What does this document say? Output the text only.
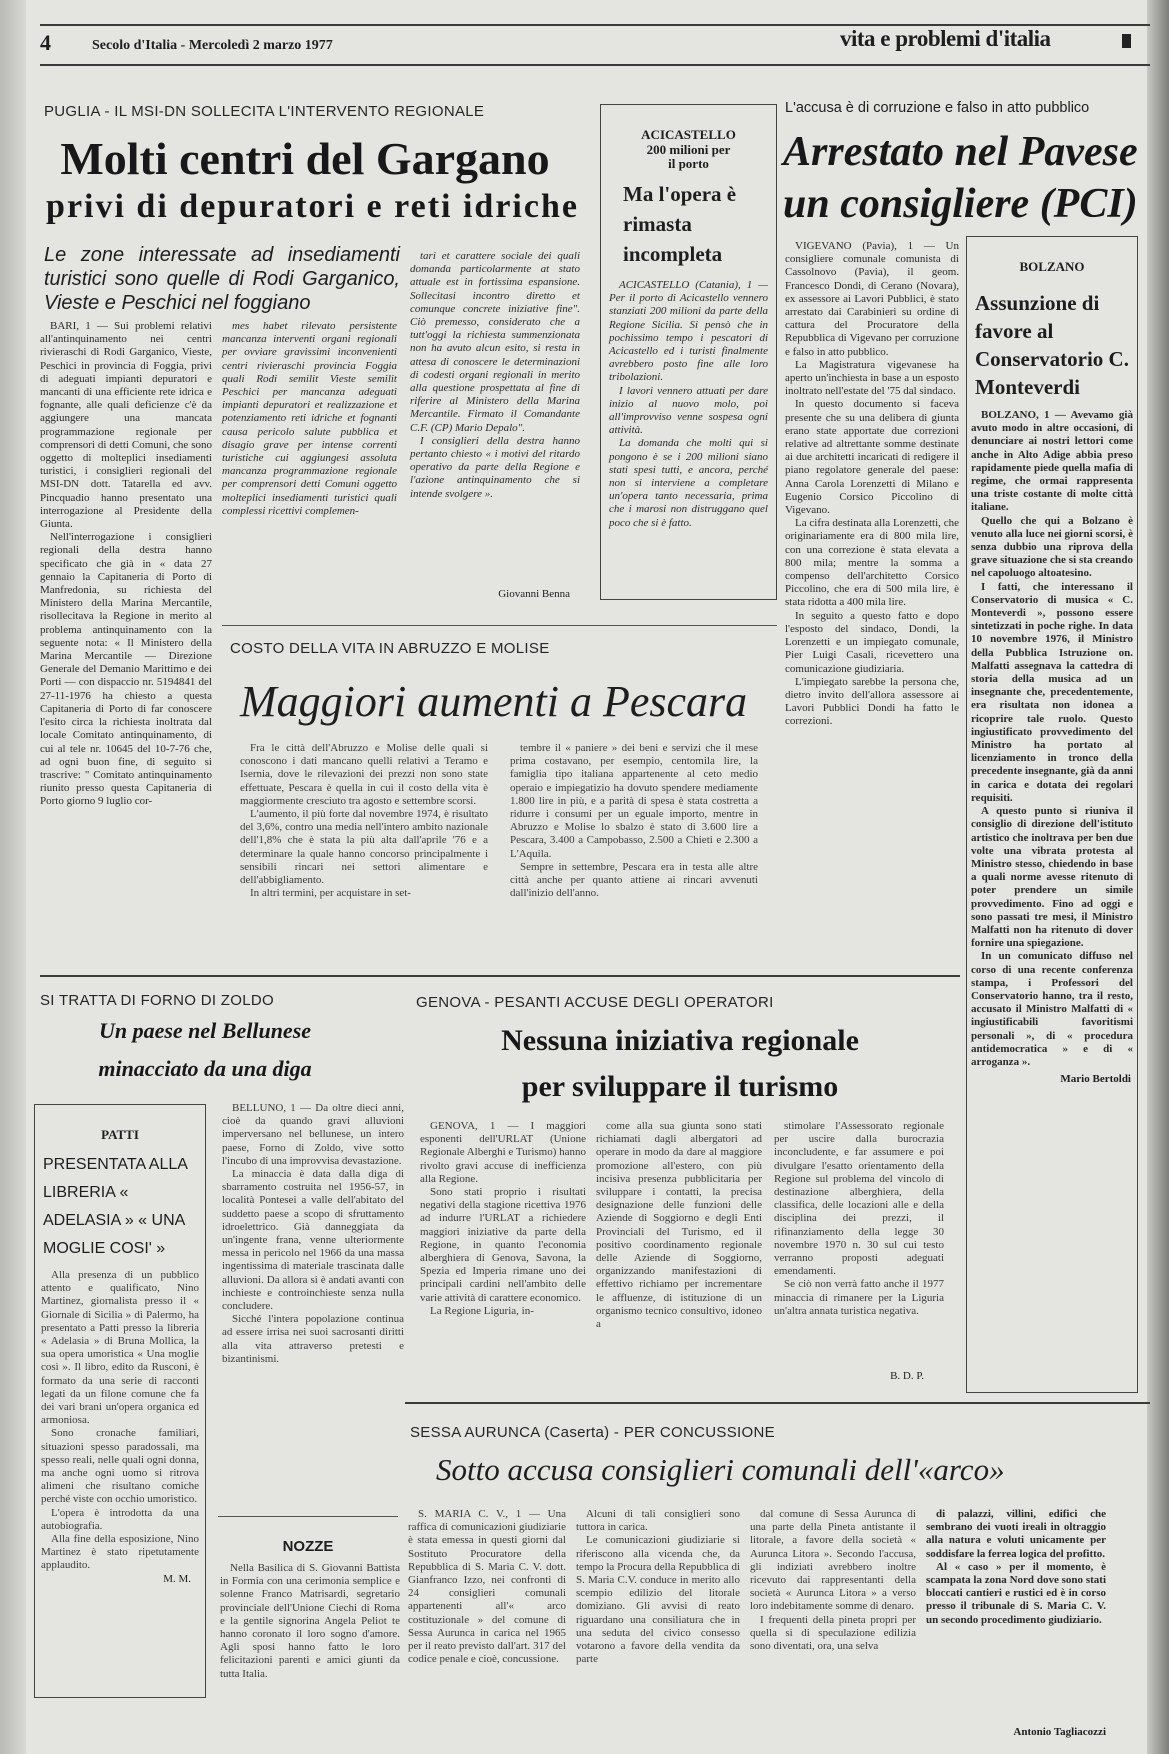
4	Secolo d'Italia - Mercoledì 2 marzo 1977	vita e problemi d'italia
PUGLIA - IL MSI-DN SOLLECITA L'INTERVENTO REGIONALE
Molti centri del Gargano
privi di depuratori e reti idriche
Le zone interessate ad insediamenti turistici sono quelle di Rodi Garganico, Vieste e Peschici nel foggiano

BARI, 1 — Sui problemi relativi all'antinquinamento nei centri rivieraschi di Rodi Garganico, Vieste, Peschici in provincia di Foggia, privi di adeguati impianti depuratori e mancanti di una efficiente rete idrica e fognante, alle quali deficienze c'è da aggiungere una mancata programmazione regionale per comprensori di detti Comuni, che sono oggetto di molteplici insediamenti turistici, i consiglieri regionali del MSI-DN dott. Tatarella ed avv. Pincquadio hanno presentato una interrogazione al Presidente della Giunta.

Nell'interrogazione i consiglieri regionali della destra hanno specificato che già in « data 27 gennaio la Capitaneria di Porto di Manfredonia, su richiesta del Ministero della Marina Mercantile, risollecitava la Regione in merito al problema antinquinamento con la seguente nota: « Il Ministero della Marina Mercantile — Direzione Generale del Demanio Marittimo e dei Porti — con dispaccio nr. 5194841 del 27-11-1976 ha chiesto a questa Capitaneria di Porto di far conoscere l'esito circa la richiesta inoltrata dal locale Comitato antinquinamento, di cui al tele nr. 10645 del 10-7-76 che, ad ogni buon fine, di seguito si trascrive: " Comitato antinquinamento riunito presso questa Capitaneria di Porto giorno 9 luglio cor-

mes habet rilevato persistente mancanza interventi organi regionali per ovviare gravissimi inconvenienti centri rivieraschi provincia Foggia quali Rodi semilit Vieste semilit Peschici per mancanza adeguati impianti depuratori et realizzazione et potenziamento reti idriche et fognanti causa pericolo salute pubblica et disagio grave per intense correnti turistiche cui aggiungesi assoluta mancanza programmazione regionale per comprensori detti Comuni oggetto molteplici insediamenti turistici quali complessi ricettivi complemen-

tari et carattere sociale dei quali domanda particolarmente at stato attuale est in fortissima espansione. Sollecitasi incontro diretto et comunque concrete iniziative fine". Ciò premesso, considerato che a tutt'oggi la richiesta summenzionata non ha avuto alcun esito, si resta in attesa di conoscere le determinazioni di codesti organi regionali in merito alla questione prospettata al fine di riferire al Ministero della Marina Mercantile. Firmato il Comandante C.F. (CP) Mario Depalo".

I consiglieri della destra hanno pertanto chiesto « i motivi del ritardo operativo da parte della Regione e l'azione antinquinamento che si intende svolgere ».

Giovanni Benna
ACICASTELLO
200 milioni per il porto
Ma l'opera è rimasta incompleta

ACICASTELLO (Catania), 1 — Per il porto di Acicastello vennero stanziati 200 milioni da parte della Regione Sicilia. Si pensò che in pochissimo tempo i pescatori di Acicastello ed i turisti finalmente avrebbero posto fine alle loro tribolazioni.

I lavori vennero attuati per dare inizio al nuovo molo, poi all'improvviso venne sospesa ogni attività.

La domanda che molti qui si pongono è se i 200 milioni siano stati spesi tutti, e ancora, perché non si interviene a completare un'opera tanto necessaria, prima che i marosi non distruggano quel poco che si è fatto.

L'accusa è di corruzione e falso in atto pubblico
Arrestato nel Pavese
un consigliere (PCI)

VIGEVANO (Pavia), 1 — Un consigliere comunale comunista di Cassolnovo (Pavia), il geom. Francesco Dondi, di Cerano (Novara), ex assessore ai Lavori Pubblici, è stato arrestato dai Carabinieri su ordine di cattura del Procuratore della Repubblica di Vigevano per corruzione e falso in atto pubblico.

La Magistratura vigevanese ha aperto un'inchiesta in base a un esposto inoltrato nell'estate del '75 dal sindaco.

In questo documento si faceva presente che su una delibera di giunta erano state apportate due correzioni relative ad altrettante somme destinate ai due architetti incaricati di redigere il piano regolatore generale del paese: Anna Carola Lorenzetti di Milano e Eugenio Corsico Piccolino di Vigevano.

La cifra destinata alla Lorenzetti, che originariamente era di 800 mila lire, con una correzione è stata elevata a 800 mila; mentre la somma a compenso dell'architetto Corsico Piccolino, che era di 500 mila lire, è stata ridotta a 400 mila lire.

In seguito a questo fatto e dopo l'esposto del sindaco, Dondi, la Lorenzetti e un impiegato comunale, Pier Luigi Casali, ricevettero una comunicazione giudiziaria.

L'impiegato sarebbe la persona che, dietro invito dell'allora assessore ai Lavori Pubblici Dondi ha fatto le correzioni.

BOLZANO
Assunzione di favore al Conservatorio C. Monteverdi

BOLZANO, 1 — Avevamo già avuto modo in altre occasioni, di denunciare ai nostri lettori come anche in Alto Adige abbia preso rapidamente piede quella mafia di regime, che ormai rappresenta una triste costante di molte città italiane.

Quello che qui a Bolzano è venuto alla luce nei giorni scorsi, è senza dubbio una riprova della grave situazione che si sta creando nel capoluogo altoatesino.

I fatti, che interessano il Conservatorio di musica « C. Monteverdi », possono essere sintetizzati in poche righe. In data 10 novembre 1976, il Ministro della Pubblica Istruzione on. Malfatti assegnava la cattedra di storia della musica ad un insegnante che, precedentemente, era risultata non idonea a ricoprire tale ruolo. Questo ingiustificato provvedimento del Ministro ha portato al licenziamento in tronco della precedente insegnante, già da anni in carica e dotata dei regolari requisiti.

A questo punto si riuniva il consiglio di direzione dell'istituto artistico che inoltrava per ben due volte una vibrata protesta al Ministro stesso, chiedendo in base a quali norme avesse ritenuto di poter prendere un simile provvedimento. Fino ad oggi e sono passati tre mesi, il Ministro Malfatti non ha ritenuto di dover fornire una spiegazione.

In un comunicato diffuso nel corso di una recente conferenza stampa, i Professori del Conservatorio hanno, tra il resto, accusato il Ministro Malfatti di « ingiustificabili favoritismi personali », di « procedura antidemocratica » e di « arroganza ».

Mario Bertoldi
COSTO DELLA VITA IN ABRUZZO E MOLISE
Maggiori aumenti a Pescara

Fra le città dell'Abruzzo e Molise delle quali si conoscono i dati mancano quelli relativi a Teramo e Isernia, dove le rilevazioni dei prezzi non sono state effettuate, Pescara è quella in cui il costo della vita è maggiormente cresciuto tra agosto e settembre scorsi.

L'aumento, il più forte dal novembre 1974, è risultato del 3,6%, contro una media nell'intero ambito nazionale dell'1,8% che è stata la più alta dall'aprile '76 e a determinare la quale hanno concorso principalmente i sensibili rincari nei settori alimentare e dell'abbigliamento.

In altri termini, per acquistare in set-

tembre il « paniere » dei beni e servizi che il mese prima costavano, per esempio, centomila lire, la famiglia tipo italiana appartenente al ceto medio operaio e impiegatizio ha dovuto spendere mediamente 1.800 lire in più, e a parità di spesa è stata costretta a ridurre i consumi per un eguale importo, mentre in Abruzzo e Molise lo sbalzo è stato di 3.600 lire a Pescara, 3.400 a Campobasso, 2.500 a Chieti e 2.300 a L'Aquila.

Sempre in settembre, Pescara era in testa alle altre città anche per quanto attiene ai rincari avvenuti dall'inizio dell'anno.

SI TRATTA DI FORNO DI ZOLDO
Un paese nel Bellunese
minacciato da una diga

BELLUNO, 1 — Da oltre dieci anni, cioè da quando gravi alluvioni imperversano nel bellunese, un intero paese, Forno di Zoldo, vive sotto l'incubo di una improvvisa devastazione.

La minaccia è data dalla diga di sbarramento costruita nel 1956-57, in località Pontesei a valle dell'abitato del suddetto paese a scopo di sfruttamento idroelettrico. Già danneggiata da un'ingente frana, venne ulteriormente messa in pericolo nel 1966 da una massa ingentissima di materiale trascinata dalle alluvioni. Da allora si è andati avanti con inchieste e controinchieste senza nulla concludere.

Sicché l'intera popolazione continua ad essere irrisa nei suoi sacrosanti diritti alla vita attraverso pretesti e bizantinismi.

PATTI
PRESENTATA ALLA LIBRERIA « ADELASIA » « UNA MOGLIE COSI' »

Alla presenza di un pubblico attento e qualificato, Nino Martinez, giornalista presso il « Giornale di Sicilia » di Palermo, ha presentato a Patti presso la libreria « Adelasia » di Bruna Mollica, la sua opera umoristica « Una moglie così ». Il libro, edito da Rusconi, è formato da una serie di racconti legati da un filone comune che fa dei vari brani un'opera organica ed armoniosa.

Sono cronache familiari, situazioni spesso paradossali, ma spesso reali, nelle quali ogni donna, ma anche ogni uomo si ritrova alimeni che risultano comiche perché viste con occhio umoristico.

L'opera è introdotta da una autobiografia.

Alla fine della esposizione, Nino Martinez è stato ripetutamente applaudito.

M. M.
NOZZE

Nella Basilica di S. Giovanni Battista in Formia con una cerimonia semplice e solenne Franco Matrisardi, segretario provinciale dell'Unione Ciechi di Roma e la gentile signorina Angela Peliot te hanno coronato il loro sogno d'amore. Agli sposi hanno fatto le loro felicitazioni parenti e amici giunti da tutta Italia.

GENOVA - PESANTI ACCUSE DEGLI OPERATORI
Nessuna iniziativa regionale
per sviluppare il turismo

GENOVA, 1 — I maggiori esponenti dell'URLAT (Unione Regionale Alberghi e Turismo) hanno rivolto gravi accuse di inefficienza alla Regione.

Sono stati proprio i risultati negativi della stagione ricettiva 1976 ad indurre l'URLAT a richiedere maggiori iniziative da parte della Regione, in quanto l'economia alberghiera di Genova, Savona, la Spezia ed Imperia rimane uno dei principali cardini nell'ambito delle varie attività di carattere economico.

La Regione Liguria, in-

come alla sua giunta sono stati richiamati dagli albergatori ad operare in modo da dare al maggiore promozione all'estero, con più incisiva presenza pubblicitaria per sviluppare i contatti, la precisa designazione delle funzioni delle Aziende di Soggiorno e degli Enti Provinciali del Turismo, ed il positivo coordinamento regionale delle Aziende di Soggiorno, organizzando manifestazioni di effettivo richiamo per incrementare le affluenze, di istituzione di un organismo tecnico consultivo, idoneo a

stimolare l'Assessorato regionale per uscire dalla burocrazia inconcludente, e far assumere e poi divulgare l'esatto orientamento della Regione sul problema del vincolo di destinazione alberghiera, della classifica, delle locazioni alle e della disciplina dei prezzi, il rifinanziamento della legge 30 novembre 1970 n. 30 sul cui testo verranno proposti adeguati emendamenti.

Se ciò non verrà fatto anche il 1977 minaccia di rimanere per la Liguria un'altra annata turistica negativa.

B. D. P.
SESSA AURUNCA (Caserta) - PER CONCUSSIONE
Sotto accusa consiglieri comunali dell'«arco»

S. MARIA C. V., 1 — Una raffica di comunicazioni giudiziarie è stata emessa in questi giorni dal Sostituto Procuratore della Repubblica di S. Maria C. V. dott. Gianfranco Izzo, nei confronti di 24 consiglieri comunali appartenenti all'« arco costituzionale » del comune di Sessa Aurunca in carica nel 1965 per il reato previsto dall'art. 317 del codice penale e cioè, concussione.

Alcuni di tali consiglieri sono tuttora in carica.

Le comunicazioni giudiziarie si riferiscono alla vicenda che, da tempo la Procura della Repubblica di S. Maria C.V. conduce in merito allo scempio edilizio del litorale domiziano. Gli avvisi di reato riguardano una consiliatura che in una seduta del civico consesso votarono a favore della vendita da parte

dal comune di Sessa Aurunca di una parte della Pineta antistante il litorale, a favore della società « Aurunca Litora ». Secondo l'accusa, gli indiziati avrebbero inoltre ricevuto dai rappresentanti della società « Aurunca Litora » a verso loro indebitamente somme di denaro.

I frequenti della pineta propri per quella si di speculazione edilizia sono diventati, ora, una selva

di palazzi, villini, edifici che sembrano dei vuoti ireali in oltraggio alla natura e voluti unicamente per soddisfare la ferrea logica del profitto.

Al « caso » per il momento, è scampata la zona Nord dove sono stati bloccati cantieri e rustici ed è in corso presso il tribunale di S. Maria C. V. un secondo procedimento giudiziario.

Antonio Tagliacozzi
